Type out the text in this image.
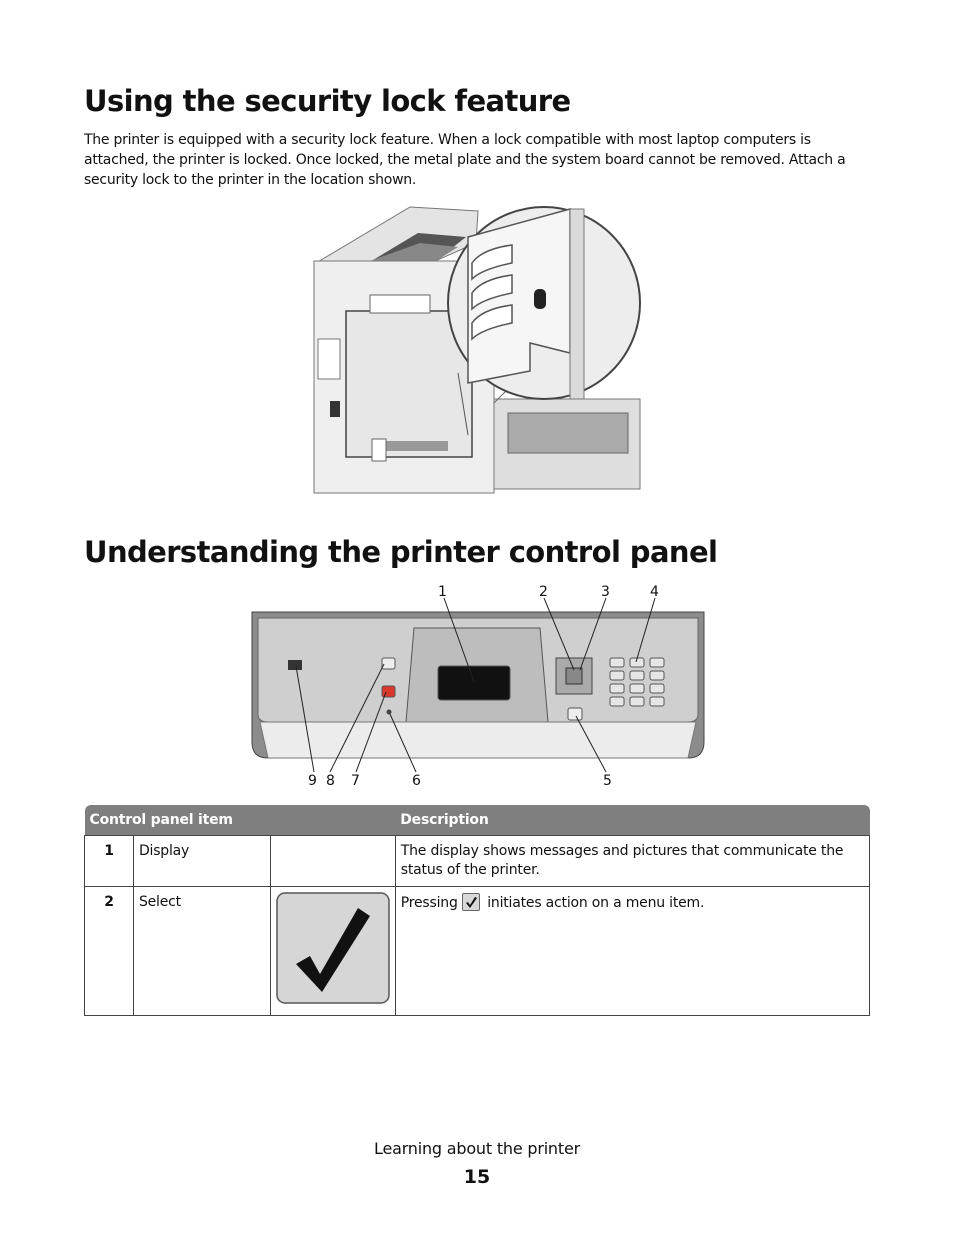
Using the security lock feature

The printer is equipped with a security lock feature. When a lock compatible with most laptop computers is attached, the printer is locked. Once locked, the metal plate and the system board cannot be removed. Attach a security lock to the printer in the location shown.

Understanding the printer control panel
1	2	3	4
9 8 7	6	5
Control panel item			Description
1	Display		The display shows messages and pictures that communicate the status of the printer.
2	Select		Pressing initiates action on a menu item.
Learning about the printer
15
